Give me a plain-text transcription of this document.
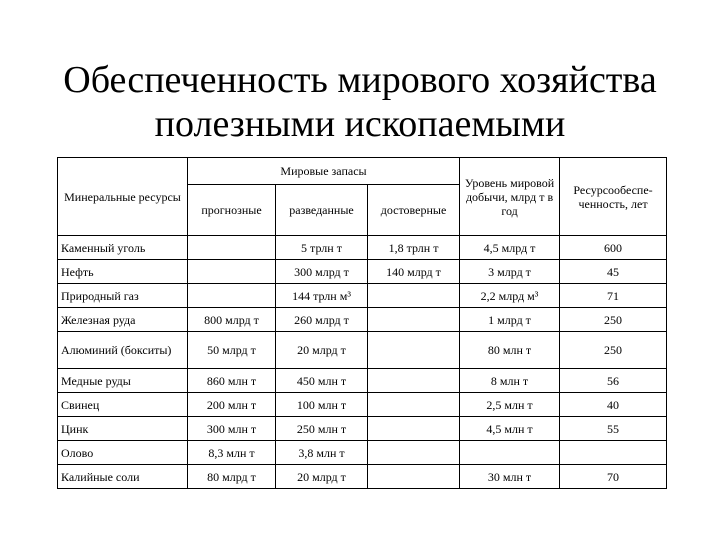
Обеспеченность мирового хозяйства
полезными ископаемыми
Минеральные ресурсы	Мировые запасы			Уровень мировой добычи, млрд т в год	Ресурсообеспе-ченность, лет
	прогнозные	разведанные	достоверные		
Каменный уголь		5 трлн т	1,8 трлн т	4,5 млрд т	600
Нефть		300 млрд т	140 млрд т	3 млрд т	45
Природный газ		144 трлн м³		2,2 млрд м³	71
Железная руда	800 млрд т	260 млрд т		1 млрд т	250
Алюминий (бокситы)	50 млрд т	20 млрд т		80 млн т	250
Медные руды	860 млн т	450 млн т		8 млн т	56
Свинец	200 млн т	100 млн т		2,5 млн т	40
Цинк	300 млн т	250 млн т		4,5 млн т	55
Олово	8,3 млн т	3,8 млн т			
Калийные соли	80 млрд т	20 млрд т		30 млн т	70
